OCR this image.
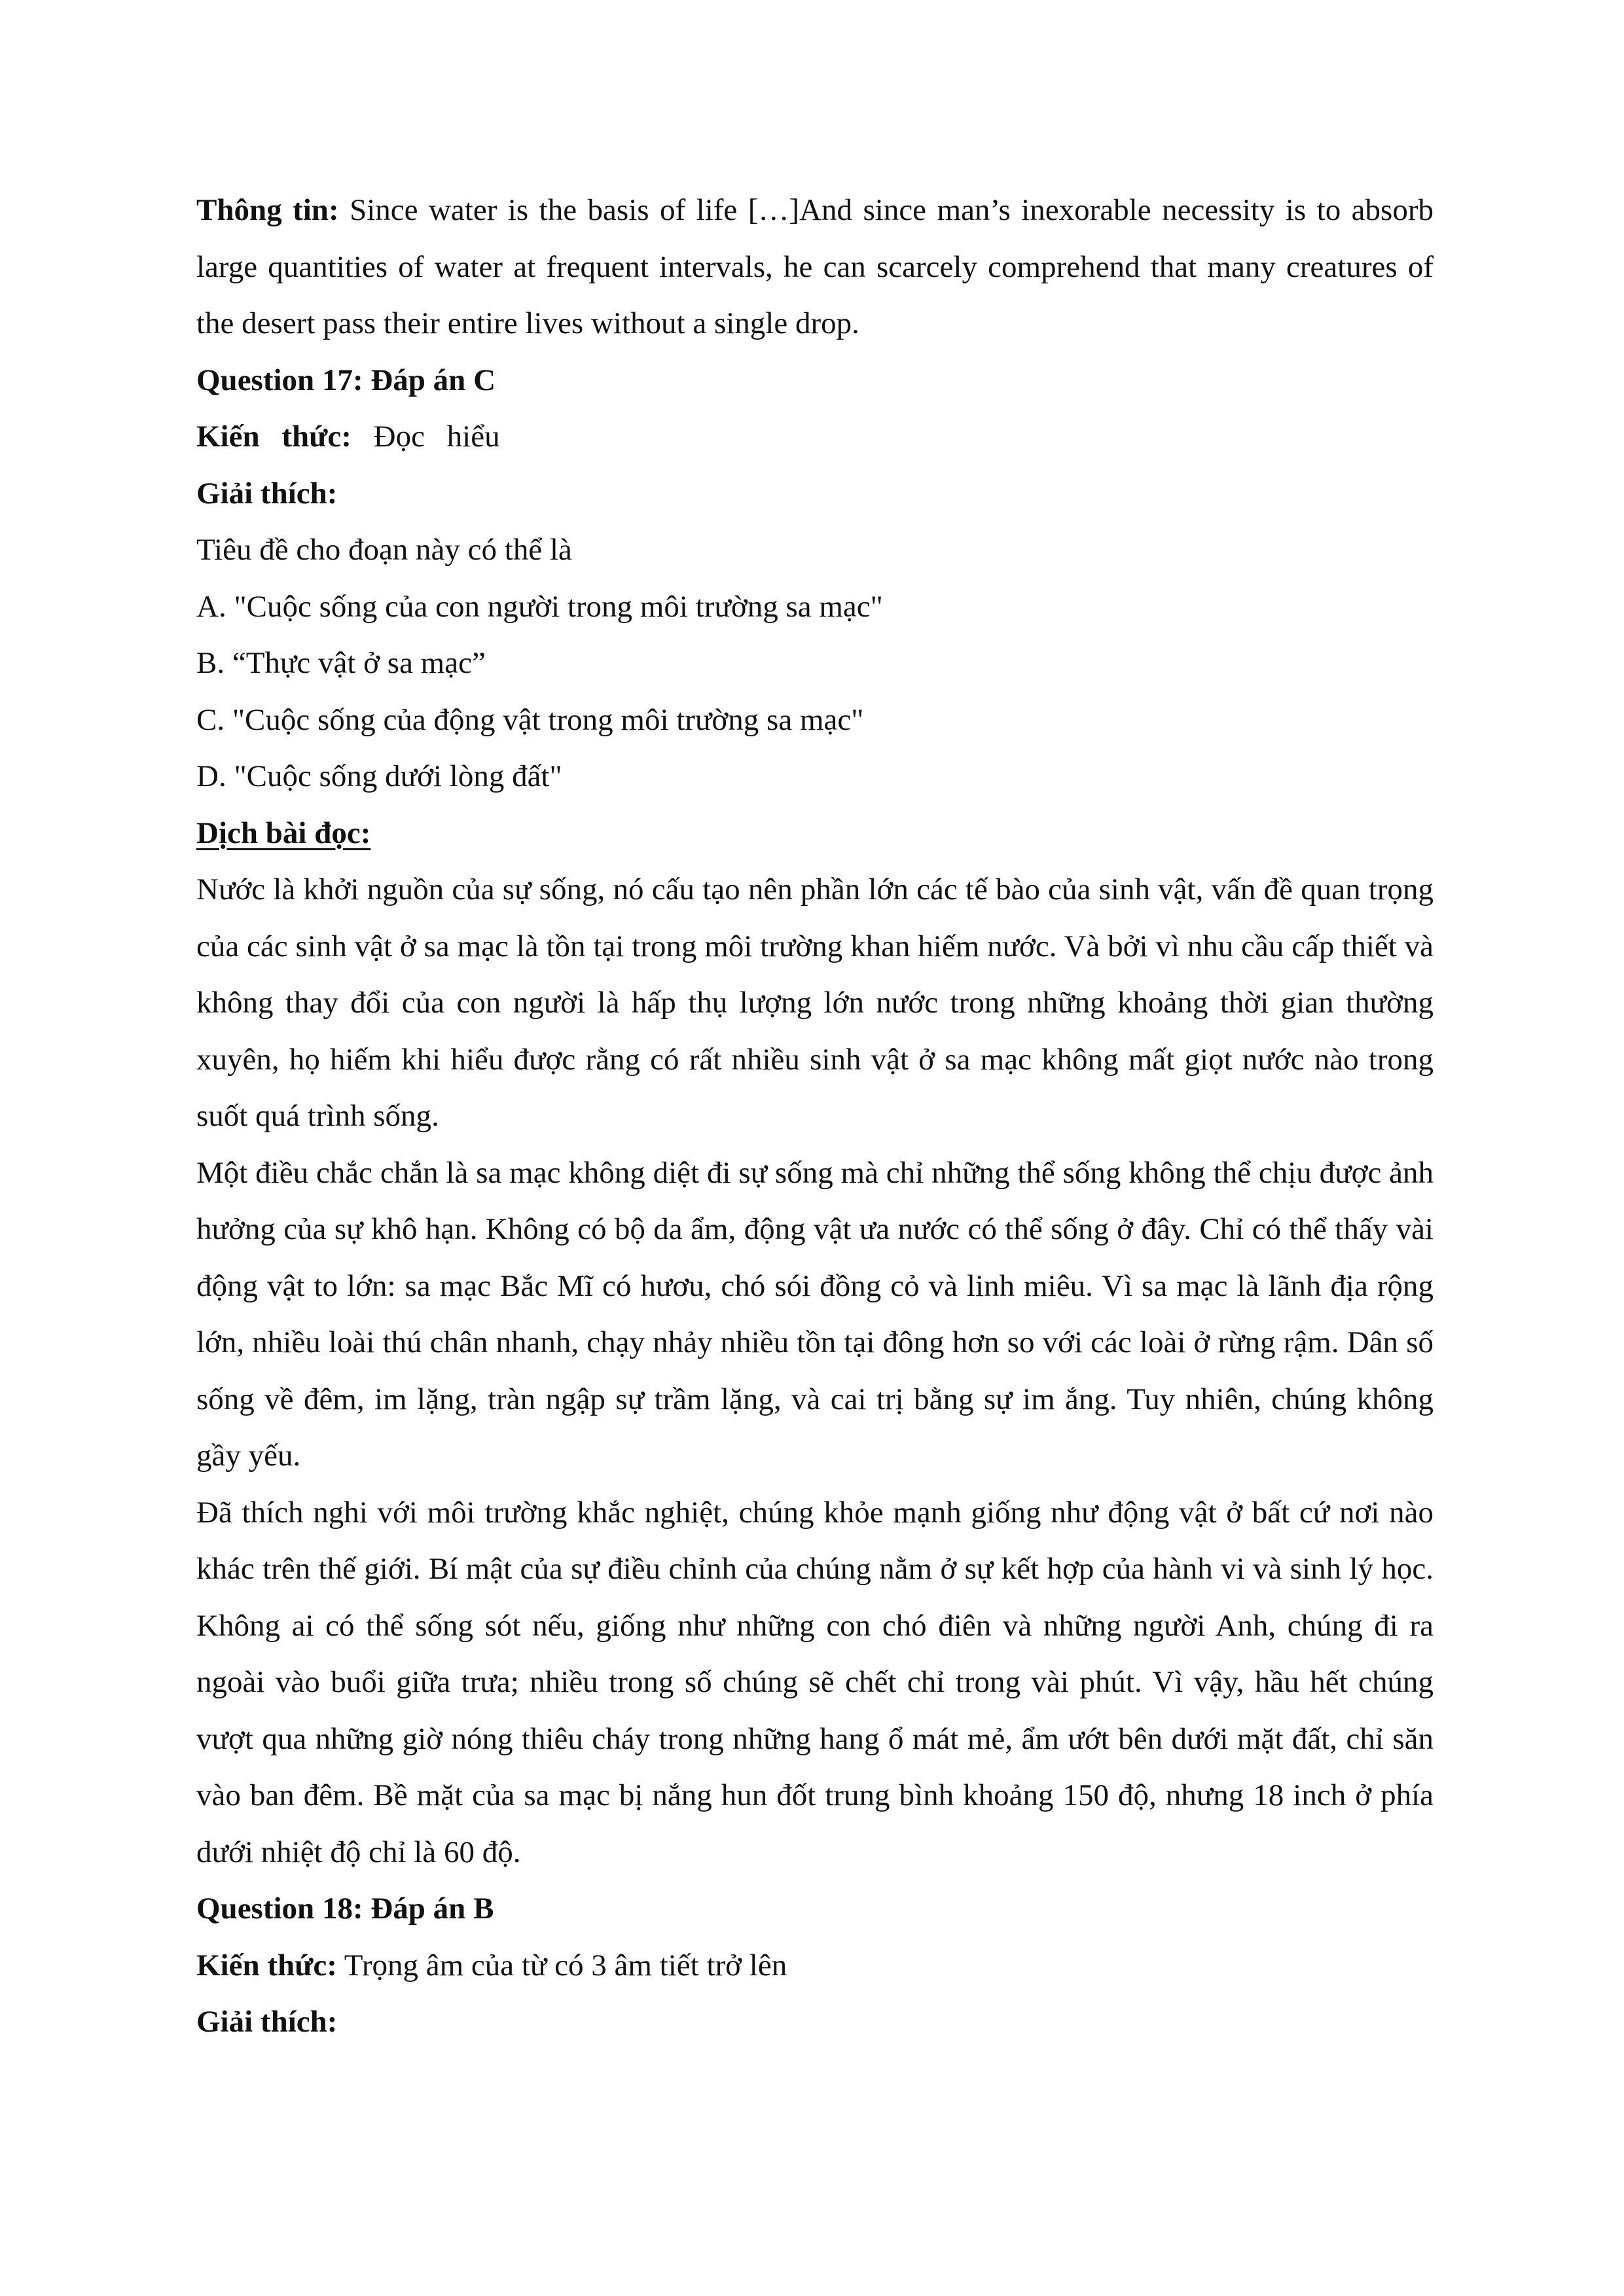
Thông tin: Since water is the basis of life […]And since man’s inexorable necessity is to absorb large quantities of water at frequent intervals, he can scarcely comprehend that many creatures of the desert pass their entire lives without a single drop.
Question 17: Đáp án C
Kiến thức: Đọc hiểu
Giải thích:
Tiêu đề cho đoạn này có thể là
A. "Cuộc sống của con người trong môi trường sa mạc"
B. “Thực vật ở sa mạc”
C. "Cuộc sống của động vật trong môi trường sa mạc"
D. "Cuộc sống dưới lòng đất"
Dịch bài đọc:
Nước là khởi nguồn của sự sống, nó cấu tạo nên phần lớn các tế bào của sinh vật, vấn đề quan trọng của các sinh vật ở sa mạc là tồn tại trong môi trường khan hiếm nước. Và bởi vì nhu cầu cấp thiết và không thay đổi của con người là hấp thụ lượng lớn nước trong những khoảng thời gian thường xuyên, họ hiếm khi hiểu được rằng có rất nhiều sinh vật ở sa mạc không mất giọt nước nào trong suốt quá trình sống.
Một điều chắc chắn là sa mạc không diệt đi sự sống mà chỉ những thể sống không thể chịu được ảnh hưởng của sự khô hạn. Không có bộ da ẩm, động vật ưa nước có thể sống ở đây. Chỉ có thể thấy vài động vật to lớn: sa mạc Bắc Mĩ có hươu, chó sói đồng cỏ và linh miêu. Vì sa mạc là lãnh địa rộng lớn, nhiều loài thú chân nhanh, chạy nhảy nhiều tồn tại đông hơn so với các loài ở rừng rậm. Dân số sống về đêm, im lặng, tràn ngập sự trầm lặng, và cai trị bằng sự im ắng. Tuy nhiên, chúng không gầy yếu.
Đã thích nghi với môi trường khắc nghiệt, chúng khỏe mạnh giống như động vật ở bất cứ nơi nào khác trên thế giới. Bí mật của sự điều chỉnh của chúng nằm ở sự kết hợp của hành vi và sinh lý học. Không ai có thể sống sót nếu, giống như những con chó điên và những người Anh, chúng đi ra ngoài vào buổi giữa trưa; nhiều trong số chúng sẽ chết chỉ trong vài phút. Vì vậy, hầu hết chúng vượt qua những giờ nóng thiêu cháy trong những hang ổ mát mẻ, ẩm ướt bên dưới mặt đất, chỉ săn vào ban đêm. Bề mặt của sa mạc bị nắng hun đốt trung bình khoảng 150 độ, nhưng 18 inch ở phía dưới nhiệt độ chỉ là 60 độ.
Question 18: Đáp án B
Kiến thức: Trọng âm của từ có 3 âm tiết trở lên
Giải thích:
